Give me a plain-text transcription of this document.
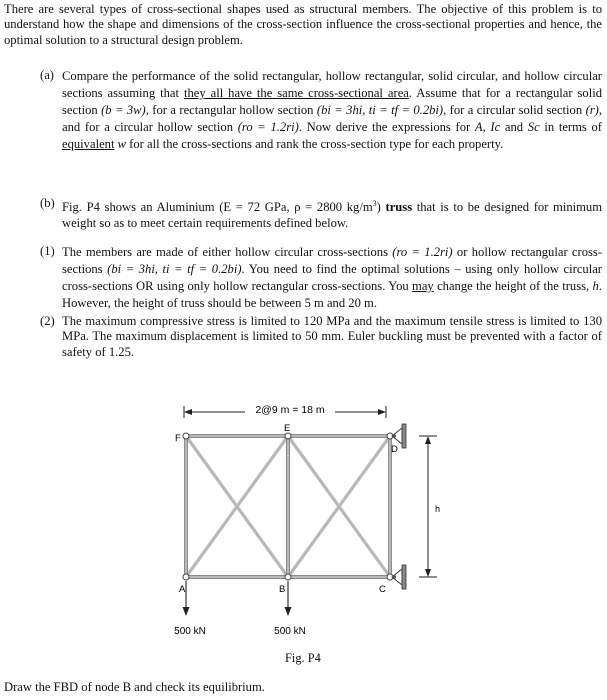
There are several types of cross-sectional shapes used as structural members. The objective of this problem is to understand how the shape and dimensions of the cross-section influence the cross-sectional properties and hence, the optimal solution to a structural design problem.
(a) Compare the performance of the solid rectangular, hollow rectangular, solid circular, and hollow circular sections assuming that they all have the same cross-sectional area. Assume that for a rectangular solid section (b = 3w), for a rectangular hollow section (bi = 3hi, ti = tf = 0.2bi), for a circular solid section (r), and for a circular hollow section (ro = 1.2ri). Now derive the expressions for A, Ic and Sc in terms of equivalent w for all the cross-sections and rank the cross-section type for each property.
(b) Fig. P4 shows an Aluminium (E = 72 GPa, ρ = 2800 $kg/m^3$) truss that is to be designed for minimum weight so as to meet certain requirements defined below.
(1) The members are made of either hollow circular cross-sections (ro = 1.2ri) or hollow rectangular cross-sections (bi = 3hi, ti = tf = 0.2bi). You need to find the optimal solutions – using only hollow circular cross-sections OR using only hollow rectangular cross-sections. You may change the height of the truss, h. However, the height of truss should be between 5 m and 20 m.
(2) The maximum compressive stress is limited to 120 MPa and the maximum tensile stress is limited to 130 MPa. The maximum displacement is limited to 50 mm. Euler buckling must be prevented with a factor of safety of 1.25.
2@9 m = 18 m
h
F
E
D
A	B	C
500 kN	500 kN
Fig. P4
Draw the FBD of node B and check its equilibrium.
